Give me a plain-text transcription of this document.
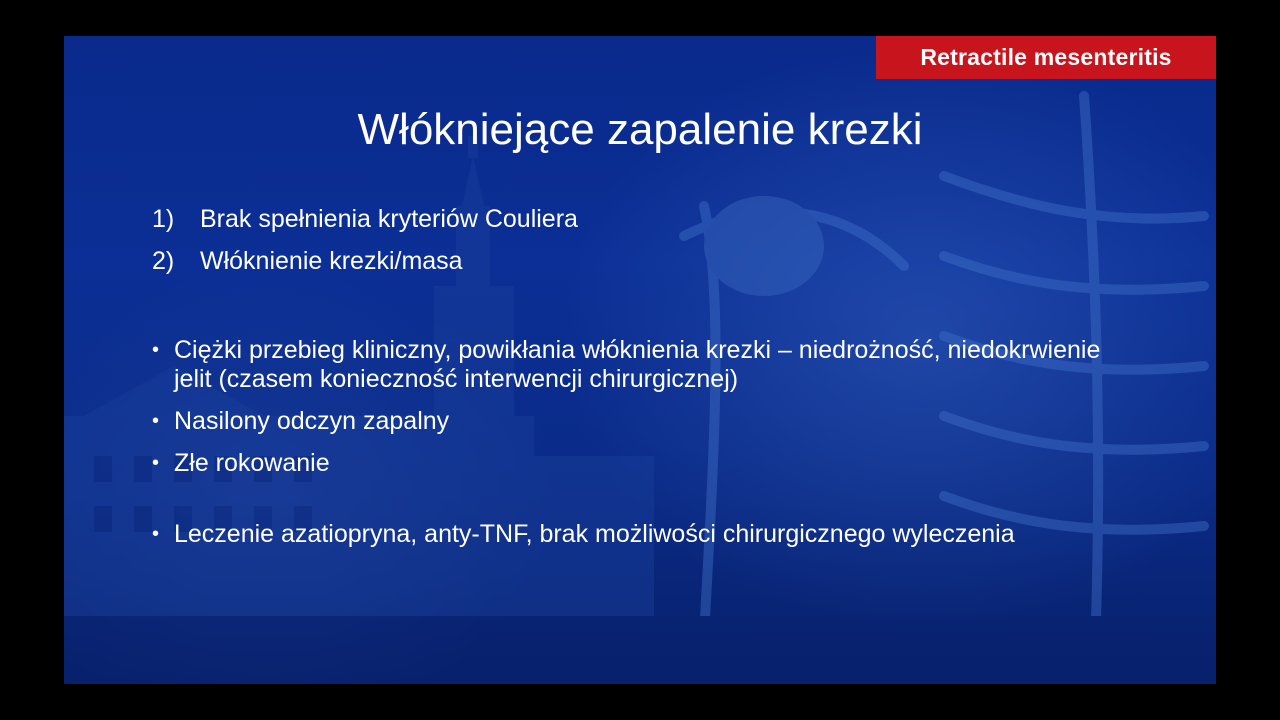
Retractile mesenteritis
Włókniejące zapalenie krezki
1)	Brak spełnienia kryteriów Couliera
2)	Włóknienie krezki/masa
• Ciężki przebieg kliniczny, powikłania włóknienia krezki – niedrożność, niedokrwienie jelit (czasem konieczność interwencji chirurgicznej)
• Nasilony odczyn zapalny
• Złe rokowanie
• Leczenie azatiopryna, anty-TNF, brak możliwości chirurgicznego wyleczenia
